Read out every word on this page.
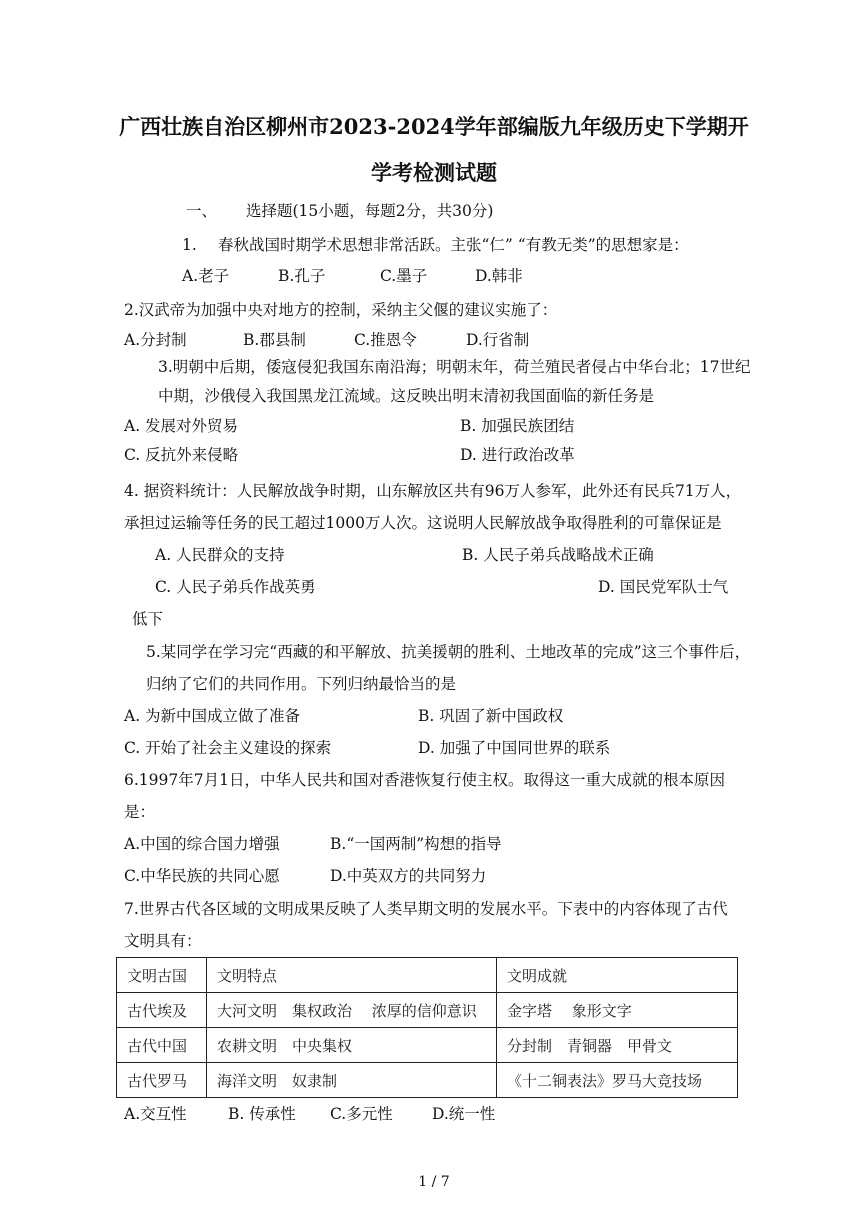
广西壮族自治区柳州市2023-2024学年部编版九年级历史下学期开
学考检测试题
一、 选择题(15小题，每题2分，共30分)
1. 春秋战国时期学术思想非常活跃。主张“仁” “有教无类”的思想家是：
A.老子	B.孔子	C.墨子	D.韩非
2.汉武帝为加强中央对地方的控制，采纳主父偃的建议实施了：
A.分封制	B.郡县制	C.推恩令	D.行省制
3.明朝中后期，倭寇侵犯我国东南沿海；明朝末年，荷兰殖民者侵占中华台北；17世纪
中期，沙俄侵入我国黑龙江流域。这反映出明末清初我国面临的新任务是
A. 发展对外贸易	B. 加强民族团结
C. 反抗外来侵略	D. 进行政治改革
4. 据资料统计：人民解放战争时期，山东解放区共有96万人参军，此外还有民兵71万人，
承担过运输等任务的民工超过1000万人次。这说明人民解放战争取得胜利的可靠保证是
A. 人民群众的支持	B. 人民子弟兵战略战术正确
C. 人民子弟兵作战英勇	D. 国民党军队士气
低下
5.某同学在学习完“西藏的和平解放、抗美援朝的胜利、土地改革的完成”这三个事件后，
归纳了它们的共同作用。下列归纳最恰当的是
A. 为新中国成立做了准备	B. 巩固了新中国政权
C. 开始了社会主义建设的探索	D. 加强了中国同世界的联系
6.1997年7月1日，中华人民共和国对香港恢复行使主权。取得这一重大成就的根本原因
是：
A.中国的综合国力增强	B.“一国两制”构想的指导
C.中华民族的共同心愿	D.中英双方的共同努力
7.世界古代各区域的文明成果反映了人类早期文明的发展水平。下表中的内容体现了古代
文明具有：
文明古国	文明特点	文明成就
古代埃及	大河文明　集权政治　 浓厚的信仰意识	金字塔　 象形文字
古代中国	农耕文明　中央集权	分封制　青铜器　甲骨文
古代罗马	海洋文明　奴隶制	《十二铜表法》罗马大竞技场
A.交互性	B. 传承性 C.多元性	D.统一性
1 / 7
